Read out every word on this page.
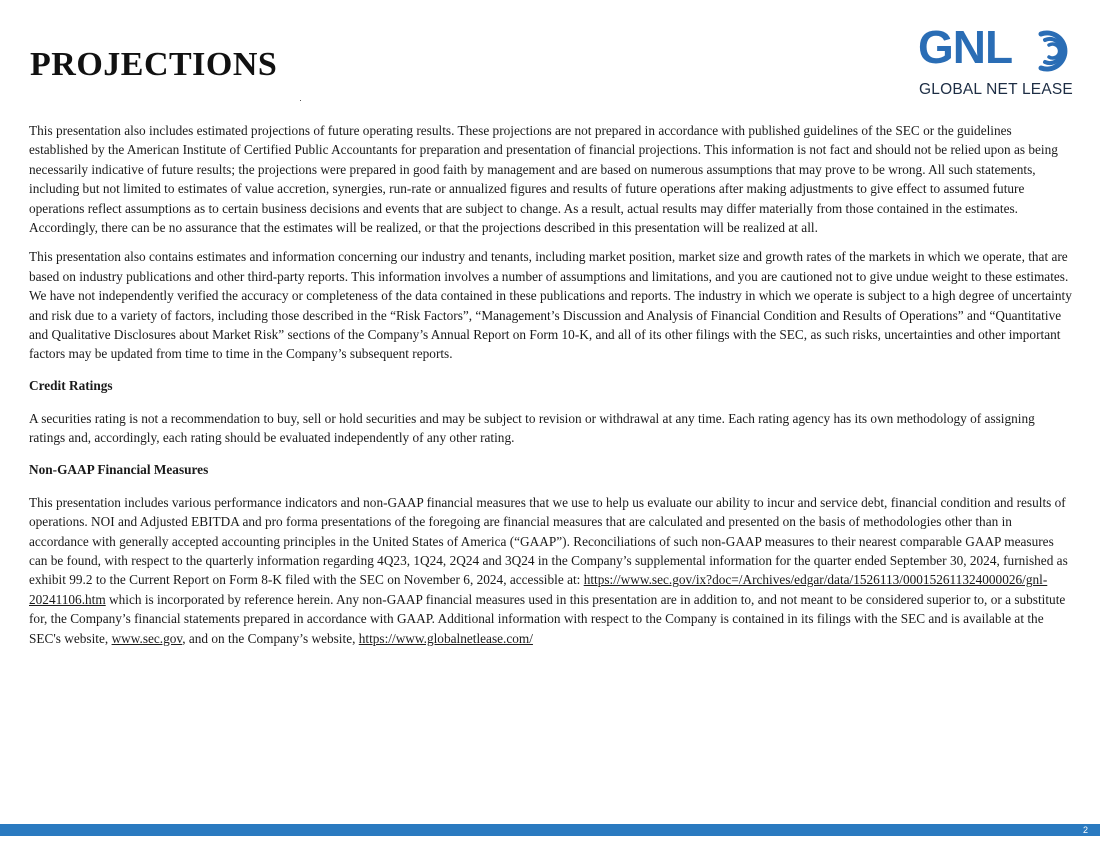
PROJECTIONS	GNL
GLOBAL NET LEASE

This presentation also includes estimated projections of future operating results. These projections are not prepared in accordance with published guidelines of the SEC or the guidelines established by the American Institute of Certified Public Accountants for preparation and presentation of financial projections. This information is not fact and should not be relied upon as being necessarily indicative of future results; the projections were prepared in good faith by management and are based on numerous assumptions that may prove to be wrong. All such statements, including but not limited to estimates of value accretion, synergies, run-rate or annualized figures and results of future operations after making adjustments to give effect to assumed future operations reflect assumptions as to certain business decisions and events that are subject to change. As a result, actual results may differ materially from those contained in the estimates. Accordingly, there can be no assurance that the estimates will be realized, or that the projections described in this presentation will be realized at all.

This presentation also contains estimates and information concerning our industry and tenants, including market position, market size and growth rates of the markets in which we operate, that are based on industry publications and other third-party reports. This information involves a number of assumptions and limitations, and you are cautioned not to give undue weight to these estimates. We have not independently verified the accuracy or completeness of the data contained in these publications and reports. The industry in which we operate is subject to a high degree of uncertainty and risk due to a variety of factors, including those described in the “Risk Factors”, “Management’s Discussion and Analysis of Financial Condition and Results of Operations” and “Quantitative and Qualitative Disclosures about Market Risk” sections of the Company’s Annual Report on Form 10-K, and all of its other filings with the SEC, as such risks, uncertainties and other important factors may be updated from time to time in the Company’s subsequent reports.

Credit Ratings

A securities rating is not a recommendation to buy, sell or hold securities and may be subject to revision or withdrawal at any time. Each rating agency has its own methodology of assigning ratings and, accordingly, each rating should be evaluated independently of any other rating.

Non-GAAP Financial Measures

This presentation includes various performance indicators and non-GAAP financial measures that we use to help us evaluate our ability to incur and service debt, financial condition and results of operations. NOI and Adjusted EBITDA and pro forma presentations of the foregoing are financial measures that are calculated and presented on the basis of methodologies other than in accordance with generally accepted accounting principles in the United States of America (“GAAP”). Reconciliations of such non-GAAP measures to their nearest comparable GAAP measures can be found, with respect to the quarterly information regarding 4Q23, 1Q24, 2Q24 and 3Q24 in the Company’s supplemental information for the quarter ended September 30, 2024, furnished as exhibit 99.2 to the Current Report on Form 8-K filed with the SEC on November 6, 2024, accessible at: https://www.sec.gov/ix?doc=/Archives/edgar/data/1526113/000152611324000026/gnl-20241106.htm which is incorporated by reference herein. Any non-GAAP financial measures used in this presentation are in addition to, and not meant to be considered superior to, or a substitute for, the Company’s financial statements prepared in accordance with GAAP. Additional information with respect to the Company is contained in its filings with the SEC and is available at the SEC's website, www.sec.gov, and on the Company’s website, https://www.globalnetlease.com/

2
